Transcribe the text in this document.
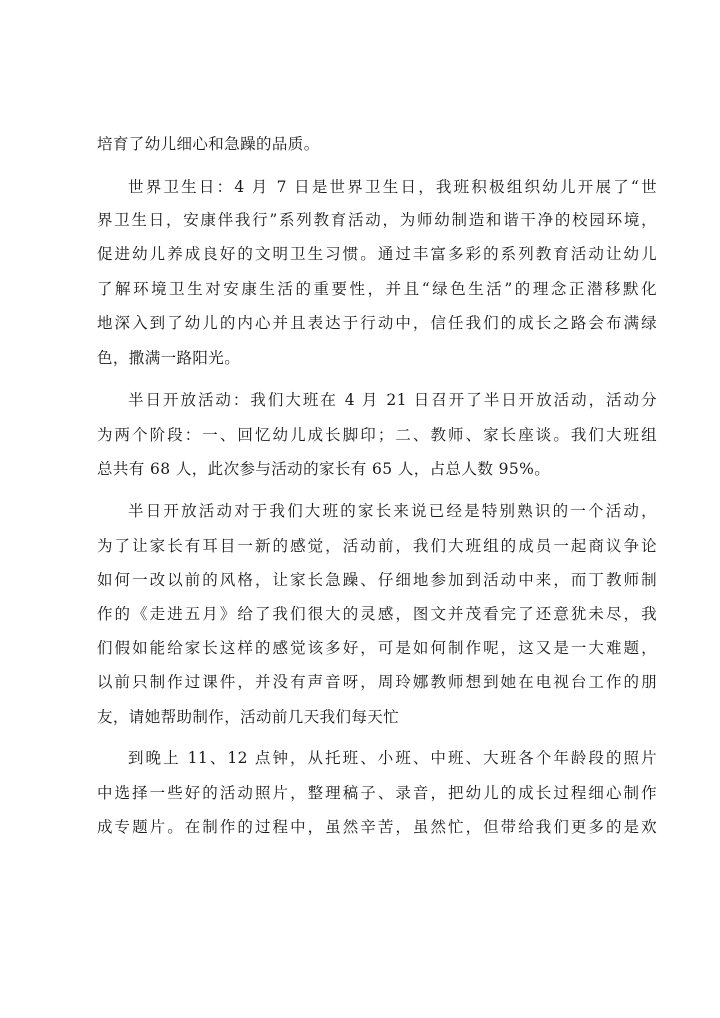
培育了幼儿细心和急躁的品质。
世界卫生日：4 月 7 日是世界卫生日，我班积极组织幼儿开展了“世
界卫生日，安康伴我行”系列教育活动，为师幼制造和谐干净的校园环境，
促进幼儿养成良好的文明卫生习惯。通过丰富多彩的系列教育活动让幼儿
了解环境卫生对安康生活的重要性，并且“绿色生活”的理念正潜移默化
地深入到了幼儿的内心并且表达于行动中，信任我们的成长之路会布满绿
色，撒满一路阳光。
半日开放活动：我们大班在 4 月 21 日召开了半日开放活动，活动分
为两个阶段：一、回忆幼儿成长脚印；二、教师、家长座谈。我们大班组
总共有 68 人，此次参与活动的家长有 65 人，占总人数 95%。
半日开放活动对于我们大班的家长来说已经是特别熟识的一个活动，
为了让家长有耳目一新的感觉，活动前，我们大班组的成员一起商议争论
如何一改以前的风格，让家长急躁、仔细地参加到活动中来，而丁教师制
作的《走进五月》给了我们很大的灵感，图文并茂看完了还意犹未尽，我
们假如能给家长这样的感觉该多好，可是如何制作呢，这又是一大难题，
以前只制作过课件，并没有声音呀，周玲娜教师想到她在电视台工作的朋
友，请她帮助制作，活动前几天我们每天忙
到晚上 11、12 点钟，从托班、小班、中班、大班各个年龄段的照片
中选择一些好的活动照片，整理稿子、录音，把幼儿的成长过程细心制作
成专题片。在制作的过程中，虽然辛苦，虽然忙，但带给我们更多的是欢
